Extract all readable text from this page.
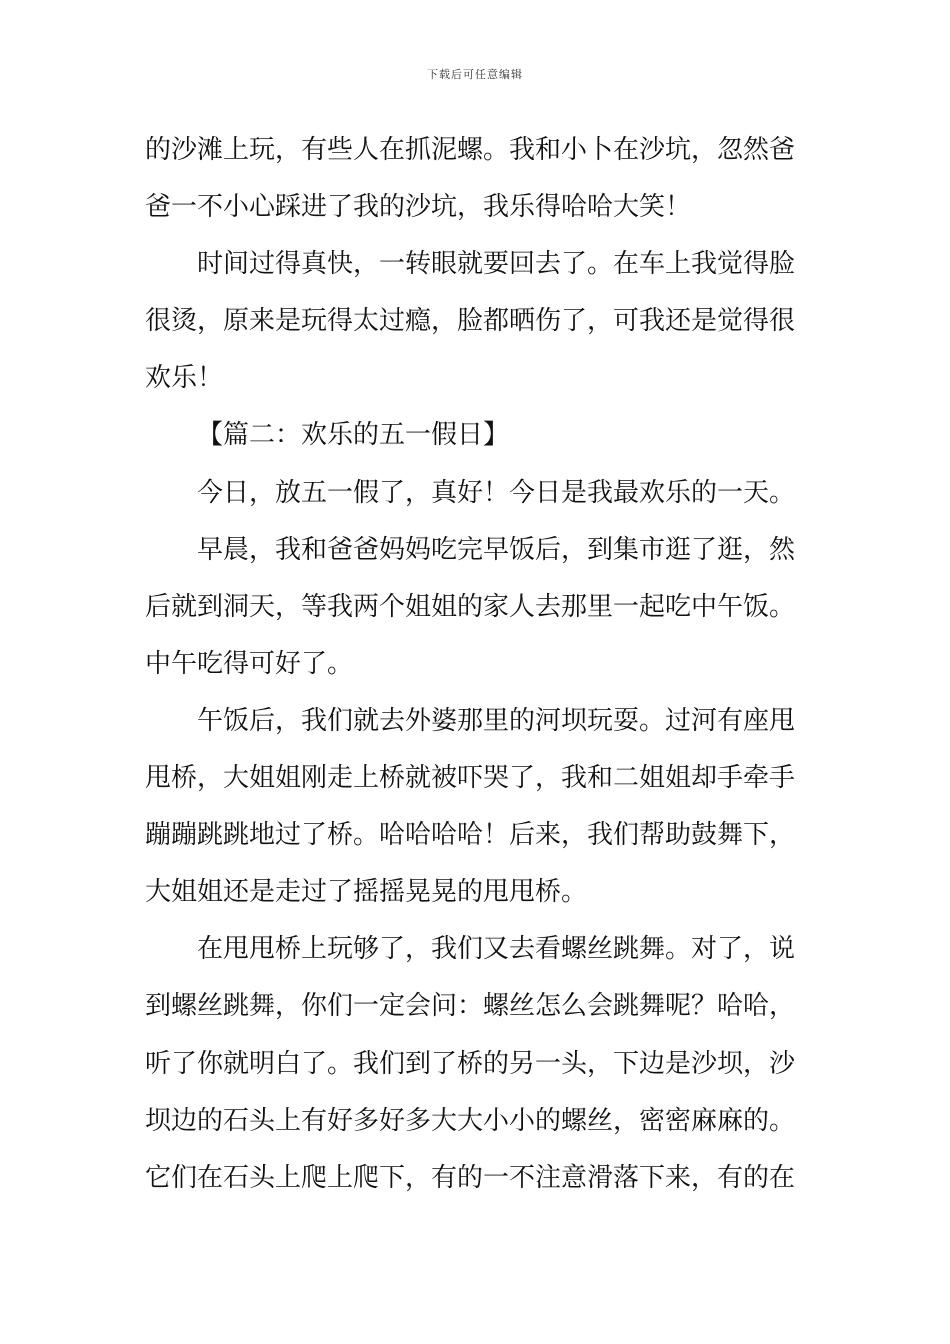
下载后可任意编辑
的沙滩上玩，有些人在抓泥螺。我和小卜在沙坑，忽然爸
爸一不小心踩进了我的沙坑，我乐得哈哈大笑！
时间过得真快，一转眼就要回去了。在车上我觉得脸
很烫，原来是玩得太过瘾，脸都晒伤了，可我还是觉得很
欢乐！
【篇二：欢乐的五一假日】
今日，放五一假了，真好！今日是我最欢乐的一天。
早晨，我和爸爸妈妈吃完早饭后，到集市逛了逛，然
后就到洞天，等我两个姐姐的家人去那里一起吃中午饭。
中午吃得可好了。
午饭后，我们就去外婆那里的河坝玩耍。过河有座甩
甩桥，大姐姐刚走上桥就被吓哭了，我和二姐姐却手牵手
蹦蹦跳跳地过了桥。哈哈哈哈！后来，我们帮助鼓舞下，
大姐姐还是走过了摇摇晃晃的甩甩桥。
在甩甩桥上玩够了，我们又去看螺丝跳舞。对了，说
到螺丝跳舞，你们一定会问：螺丝怎么会跳舞呢？哈哈，
听了你就明白了。我们到了桥的另一头，下边是沙坝，沙
坝边的石头上有好多好多大大小小的螺丝，密密麻麻的。
它们在石头上爬上爬下，有的一不注意滑落下来，有的在
